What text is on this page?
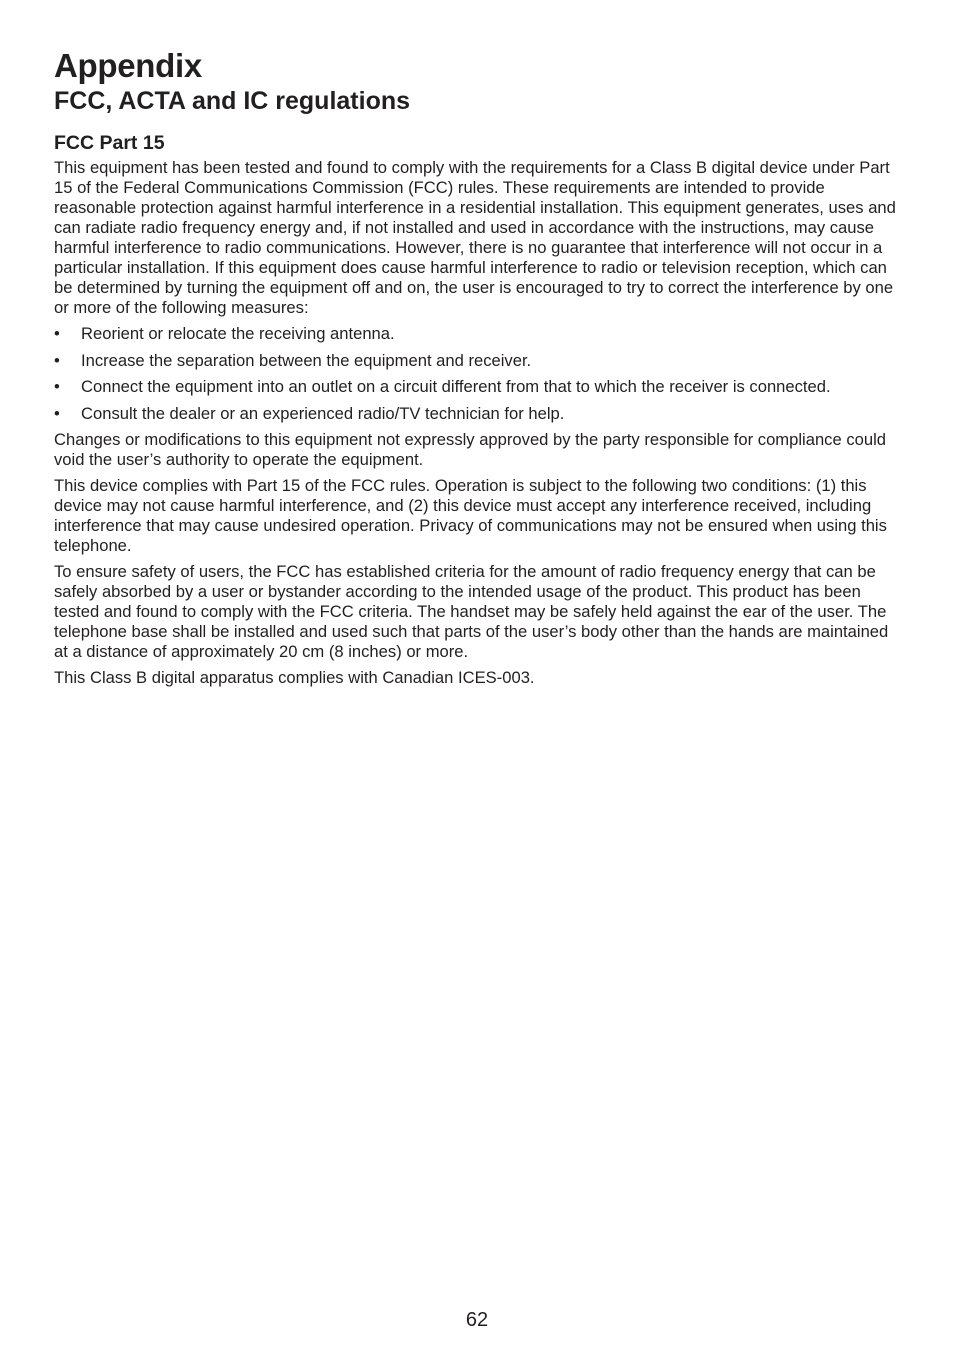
Appendix
FCC, ACTA and IC regulations
FCC Part 15

This equipment has been tested and found to comply with the requirements for a Class B digital device under Part 15 of the Federal Communications Commission (FCC) rules. These requirements are intended to provide reasonable protection against harmful interference in a residential installation. This equipment generates, uses and can radiate radio frequency energy and, if not installed and used in accordance with the instructions, may cause harmful interference to radio communications. However, there is no guarantee that interference will not occur in a particular installation. If this equipment does cause harmful interference to radio or television reception, which can be determined by turning the equipment off and on, the user is encouraged to try to correct the interference by one or more of the following measures:

• Reorient or relocate the receiving antenna.
• Increase the separation between the equipment and receiver.
• Connect the equipment into an outlet on a circuit different from that to which the receiver is connected.
• Consult the dealer or an experienced radio/TV technician for help.

Changes or modifications to this equipment not expressly approved by the party responsible for compliance could void the user’s authority to operate the equipment.

This device complies with Part 15 of the FCC rules. Operation is subject to the following two conditions: (1) this device may not cause harmful interference, and (2) this device must accept any interference received, including interference that may cause undesired operation. Privacy of communications may not be ensured when using this telephone.

To ensure safety of users, the FCC has established criteria for the amount of radio frequency energy that can be safely absorbed by a user or bystander according to the intended usage of the product. This product has been tested and found to comply with the FCC criteria. The handset may be safely held against the ear of the user. The telephone base shall be installed and used such that parts of the user’s body other than the hands are maintained at a distance of approximately 20 cm (8 inches) or more.

This Class B digital apparatus complies with Canadian ICES-003.

62
